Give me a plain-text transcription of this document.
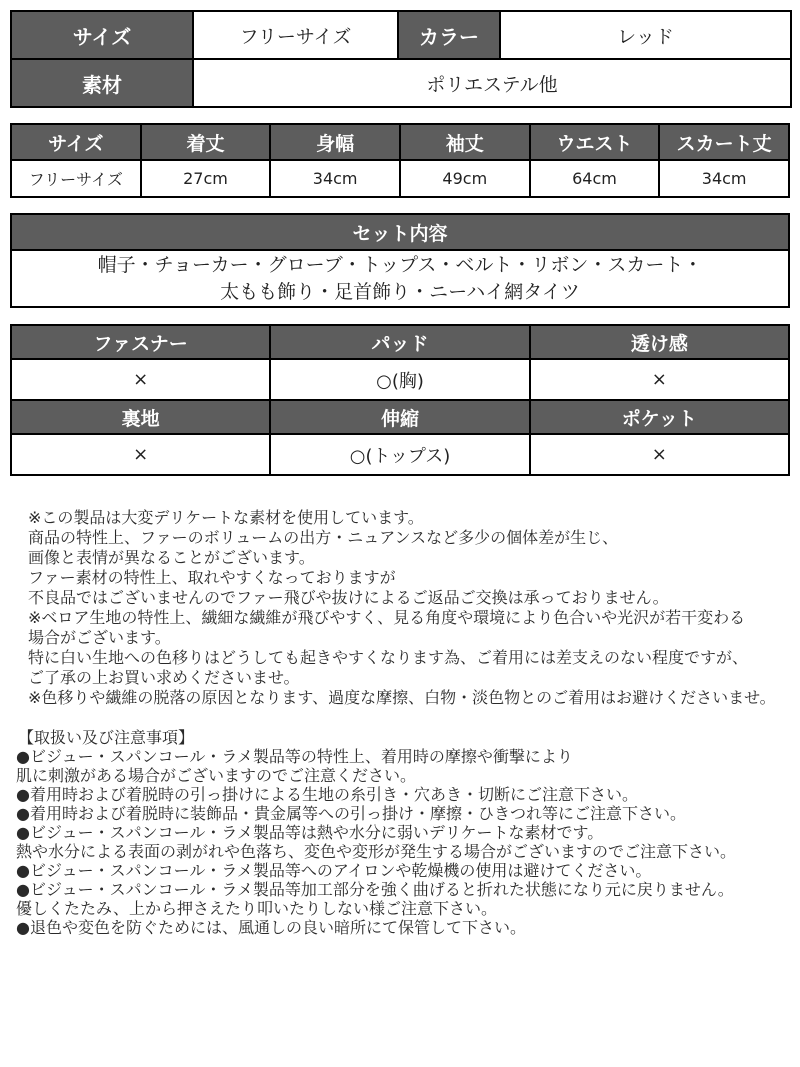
サイズ	フリーサイズ	カラー	レッド
素材	ポリエステル他		
サイズ	着丈	身幅	袖丈	ウエスト	スカート丈
フリーサイズ	27cm	34cm	49cm	64cm	34cm
セット内容

帽子・チョーカー・グローブ・トップス・ベルト・リボン・スカート・
太もも飾り・足首飾り・ニーハイ網タイツ
ファスナー	パッド	透け感
×	○(胸)	×
裏地	伸縮	ポケット
×	○(トップス)	×
※この製品は大変デリケートな素材を使用しています。
商品の特性上、ファーのボリュームの出方・ニュアンスなど多少の個体差が生じ、
画像と表情が異なることがございます。
ファー素材の特性上、取れやすくなっておりますが
不良品ではございませんのでファー飛びや抜けによるご返品ご交換は承っておりません。
※ベロア生地の特性上、繊細な繊維が飛びやすく、見る角度や環境により色合いや光沢が若干変わる
場合がございます。
特に白い生地への色移りはどうしても起きやすくなります為、ご着用には差支えのない程度ですが、
ご了承の上お買い求めくださいませ。
※色移りや繊維の脱落の原因となります、過度な摩擦、白物・淡色物とのご着用はお避けくださいませ。
【取扱い及び注意事項】
●ビジュー・スパンコール・ラメ製品等の特性上、着用時の摩擦や衝撃により
肌に刺激がある場合がございますのでご注意ください。
●着用時および着脱時の引っ掛けによる生地の糸引き・穴あき・切断にご注意下さい。
●着用時および着脱時に装飾品・貴金属等への引っ掛け・摩擦・ひきつれ等にご注意下さい。
●ビジュー・スパンコール・ラメ製品等は熱や水分に弱いデリケートな素材です。
熱や水分による表面の剥がれや色落ち、変色や変形が発生する場合がございますのでご注意下さい。
●ビジュー・スパンコール・ラメ製品等へのアイロンや乾燥機の使用は避けてください。
●ビジュー・スパンコール・ラメ製品等加工部分を強く曲げると折れた状態になり元に戻りません。
優しくたたみ、上から押さえたり叩いたりしない様ご注意下さい。
●退色や変色を防ぐためには、風通しの良い暗所にて保管して下さい。
